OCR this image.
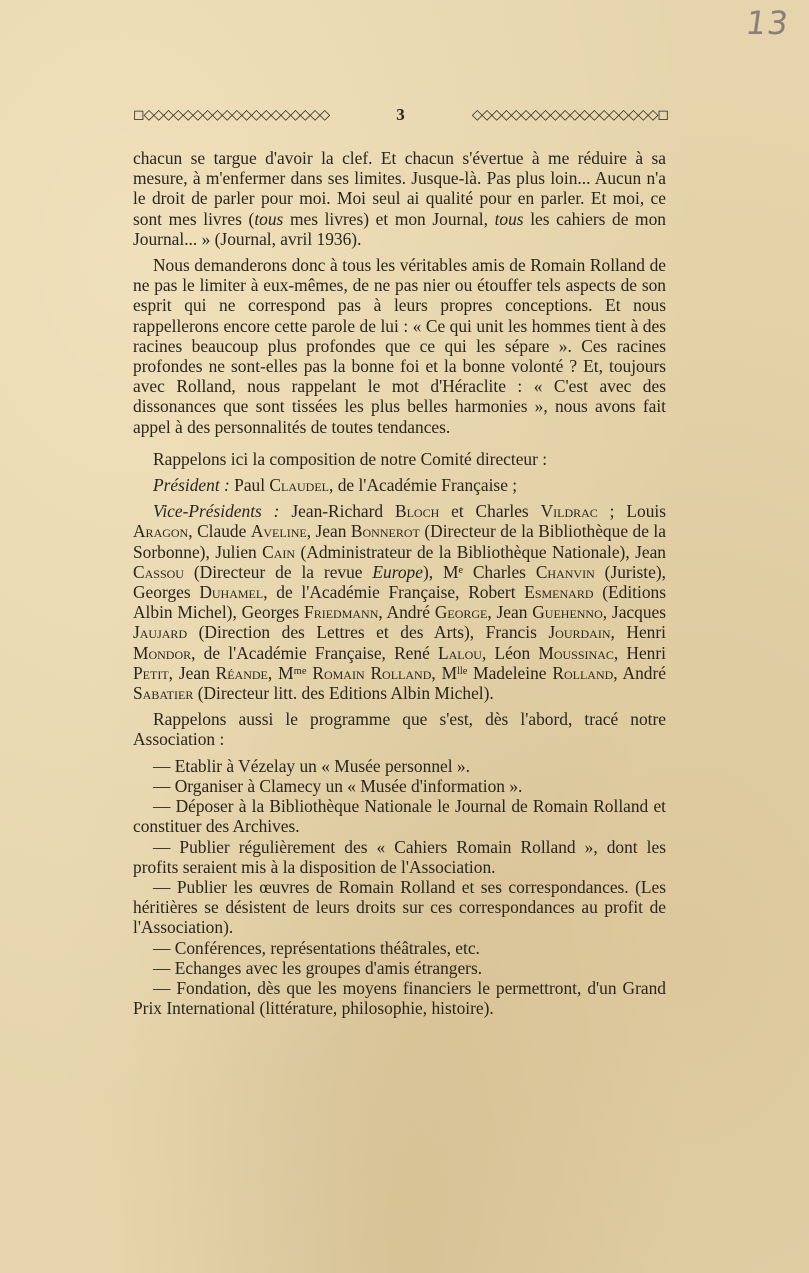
13
◻◇◇◇◇◇◇◇◇◇◇◇◇◇◇◇◇◇◇◇	3	◇◇◇◇◇◇◇◇◇◇◇◇◇◇◇◇◇◇◇◻

chacun se targue d'avoir la clef. Et chacun s'évertue à me réduire à sa mesure, à m'enfermer dans ses limites. Jusque-là. Pas plus loin... Aucun n'a le droit de parler pour moi. Moi seul ai qualité pour en parler. Et moi, ce sont mes livres (tous mes livres) et mon Journal, tous les cahiers de mon Journal... » (Journal, avril 1936).

Nous demanderons donc à tous les véritables amis de Romain Rolland de ne pas le limiter à eux-mêmes, de ne pas nier ou étouffer tels aspects de son esprit qui ne correspond pas à leurs propres conceptions. Et nous rappellerons encore cette parole de lui : « Ce qui unit les hommes tient à des racines beaucoup plus profondes que ce qui les sépare ». Ces racines profondes ne sont-elles pas la bonne foi et la bonne volonté ? Et, toujours avec Rolland, nous rappelant le mot d'Héraclite : « C'est avec des dissonances que sont tissées les plus belles harmonies », nous avons fait appel à des personnalités de toutes tendances.

Rappelons ici la composition de notre Comité directeur :

Président : Paul Claudel, de l'Académie Française ;

Vice-Présidents : Jean-Richard Bloch et Charles Vildrac ; Louis Aragon, Claude Aveline, Jean Bonnerot (Directeur de la Bibliothèque de la Sorbonne), Julien Cain (Administrateur de la Bibliothèque Nationale), Jean Cassou (Directeur de la revue Europe), Mᵉ Charles Chanvin (Juriste), Georges Duhamel, de l'Académie Française, Robert Esmenard (Editions Albin Michel), Georges Friedmann, André George, Jean Guehenno, Jacques Jaujard (Direction des Lettres et des Arts), Francis Jourdain, Henri Mondor, de l'Académie Française, René Lalou, Léon Moussinac, Henri Petit, Jean Réande, Mᵐᵉ Romain Rolland, Mˡˡᵉ Madeleine Rolland, André Sabatier (Directeur litt. des Editions Albin Michel).

Rappelons aussi le programme que s'est, dès l'abord, tracé notre Association :

— Etablir à Vézelay un « Musée personnel ».

— Organiser à Clamecy un « Musée d'information ».

— Déposer à la Bibliothèque Nationale le Journal de Romain Rolland et constituer des Archives.

— Publier régulièrement des « Cahiers Romain Rolland », dont les profits seraient mis à la disposition de l'Association.

— Publier les œuvres de Romain Rolland et ses correspondances. (Les héritières se désistent de leurs droits sur ces correspondances au profit de l'Association).

— Conférences, représentations théâtrales, etc.

— Echanges avec les groupes d'amis étrangers.

— Fondation, dès que les moyens financiers le permettront, d'un Grand Prix International (littérature, philosophie, histoire).
